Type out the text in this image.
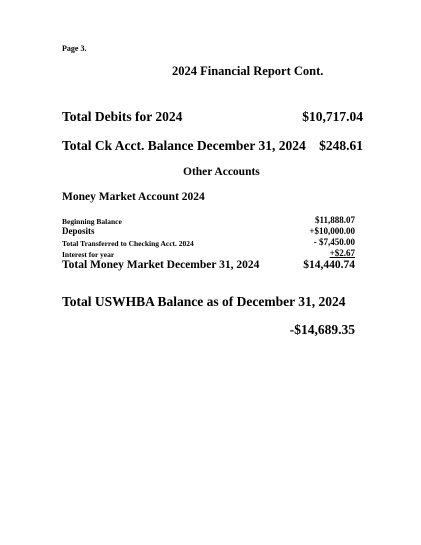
Page 3.
2024 Financial Report Cont.
Total Debits for 2024	$10,717.04
Total Ck Acct. Balance December 31, 2024 $248.61
Other Accounts
Money Market Account 2024
Beginning Balance	$11,888.07
Deposits	+$10,000.00
Total Transferred to Checking Acct. 2024	- $7,450.00
Interest for year	+$2.67
Total Money Market December 31, 2024	$14,440.74
Total USWHBA Balance as of December 31, 2024
-$14,689.35
